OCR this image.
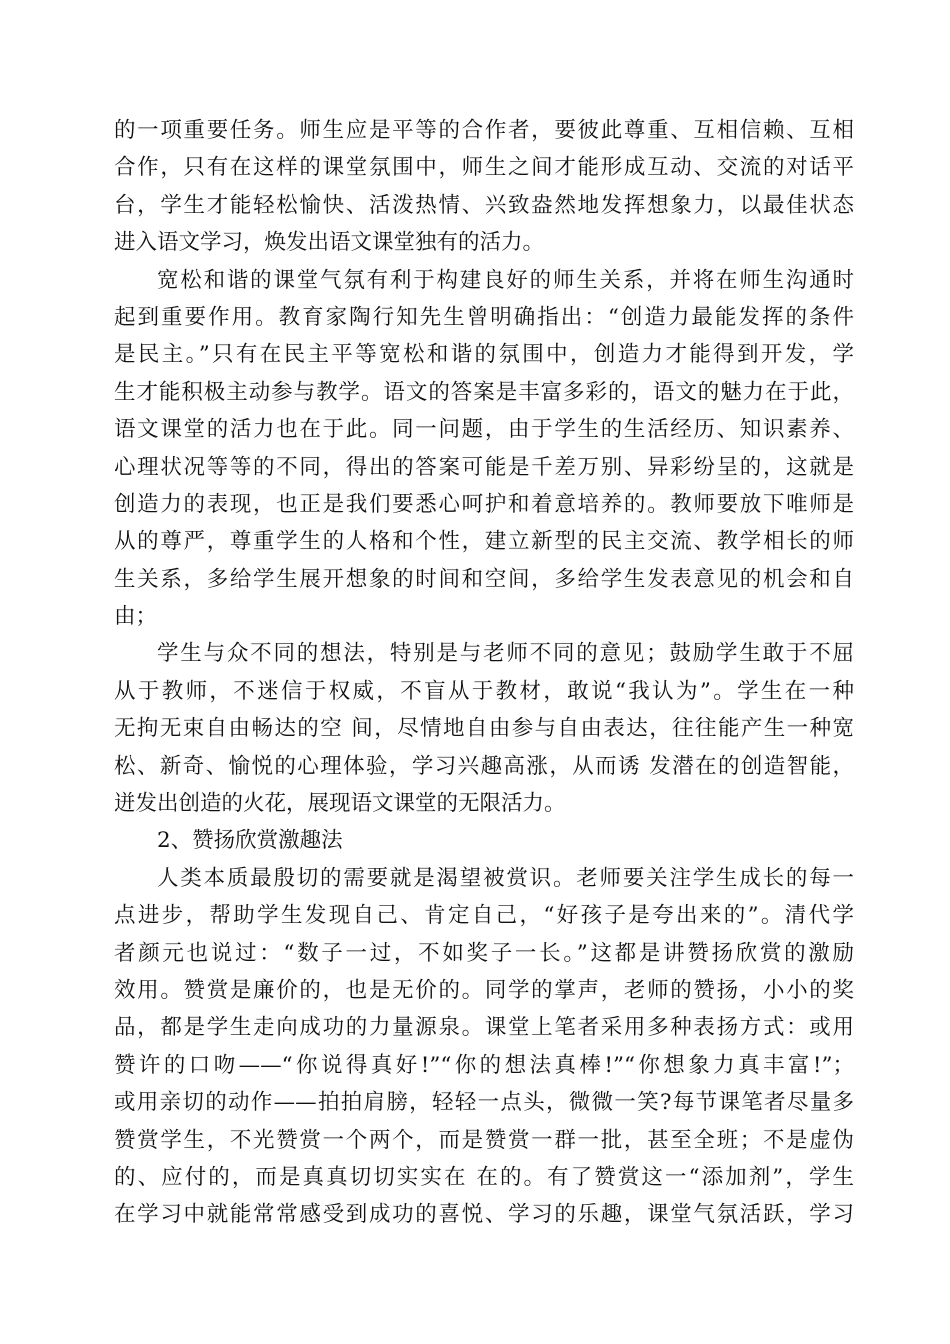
的一项重要任务。师生应是平等的合作者，要彼此尊重、互相信赖、互相
合作，只有在这样的课堂氛围中，师生之间才能形成互动、交流的对话平
台，学生才能轻松愉快、活泼热情、兴致盎然地发挥想象力，以最佳状态
进入语文学习，焕发出语文课堂独有的活力。
宽松和谐的课堂气氛有利于构建良好的师生关系，并将在师生沟通时
起到重要作用。教育家陶行知先生曾明确指出：“创造力最能发挥的条件
是民主。”只有在民主平等宽松和谐的氛围中，创造力才能得到开发，学
生才能积极主动参与教学。语文的答案是丰富多彩的，语文的魅力在于此，
语文课堂的活力也在于此。同一问题，由于学生的生活经历、知识素养、
心理状况等等的不同，得出的答案可能是千差万别、异彩纷呈的，这就是
创造力的表现，也正是我们要悉心呵护和着意培养的。教师要放下唯师是
从的尊严，尊重学生的人格和个性，建立新型的民主交流、教学相长的师
生关系，多给学生展开想象的时间和空间，多给学生发表意见的机会和自
由；
学生与众不同的想法，特别是与老师不同的意见；鼓励学生敢于不屈
从于教师，不迷信于权威，不盲从于教材，敢说“我认为”。学生在一种
无拘无束自由畅达的空 间，尽情地自由参与自由表达，往往能产生一种宽
松、新奇、愉悦的心理体验，学习兴趣高涨，从而诱 发潜在的创造智能，
迸发出创造的火花，展现语文课堂的无限活力。
2、赞扬欣赏激趣法
人类本质最殷切的需要就是渴望被赏识。老师要关注学生成长的每一
点进步，帮助学生发现自己、肯定自己，“好孩子是夸出来的”。清代学
者颜元也说过：“数子一过，不如奖子一长。”这都是讲赞扬欣赏的激励
效用。赞赏是廉价的，也是无价的。同学的掌声，老师的赞扬，小小的奖
品，都是学生走向成功的力量源泉。课堂上笔者采用多种表扬方式：或用
赞许的口吻——“你说得真好!”“你的想法真棒!”“你想象力真丰富!”；
或用亲切的动作——拍拍肩膀，轻轻一点头，微微一笑?每节课笔者尽量多
赞赏学生，不光赞赏一个两个，而是赞赏一群一批，甚至全班；不是虚伪
的、应付的，而是真真切切实实在 在的。有了赞赏这一“添加剂”，学生
在学习中就能常常感受到成功的喜悦、学习的乐趣，课堂气氛活跃，学习
